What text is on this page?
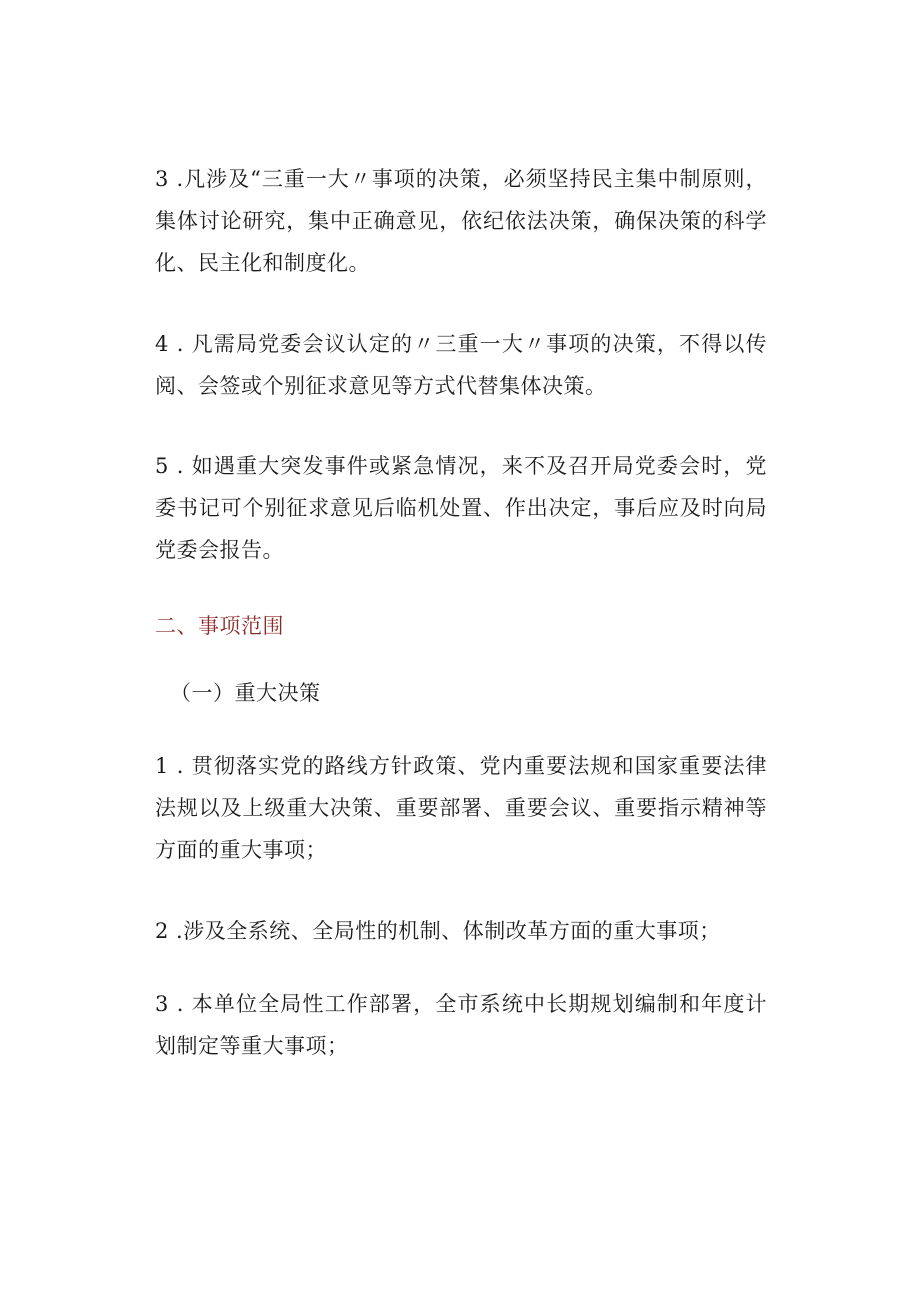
3 .凡涉及“三重一大〃事项的决策，必须坚持民主集中制原则，集体讨论研究，集中正确意见，依纪依法决策，确保决策的科学化、民主化和制度化。

4 . 凡需局党委会议认定的〃三重一大〃事项的决策，不得以传阅、会签或个别征求意见等方式代替集体决策。

5 . 如遇重大突发事件或紧急情况，来不及召开局党委会时，党委书记可个别征求意见后临机处置、作出决定，事后应及时向局党委会报告。

二、事项范围

（一）重大决策

1 . 贯彻落实党的路线方针政策、党内重要法规和国家重要法律法规以及上级重大决策、重要部署、重要会议、重要指示精神等方面的重大事项；

2 .涉及全系统、全局性的机制、体制改革方面的重大事项；

3 . 本单位全局性工作部署，全市系统中长期规划编制和年度计划制定等重大事项；
